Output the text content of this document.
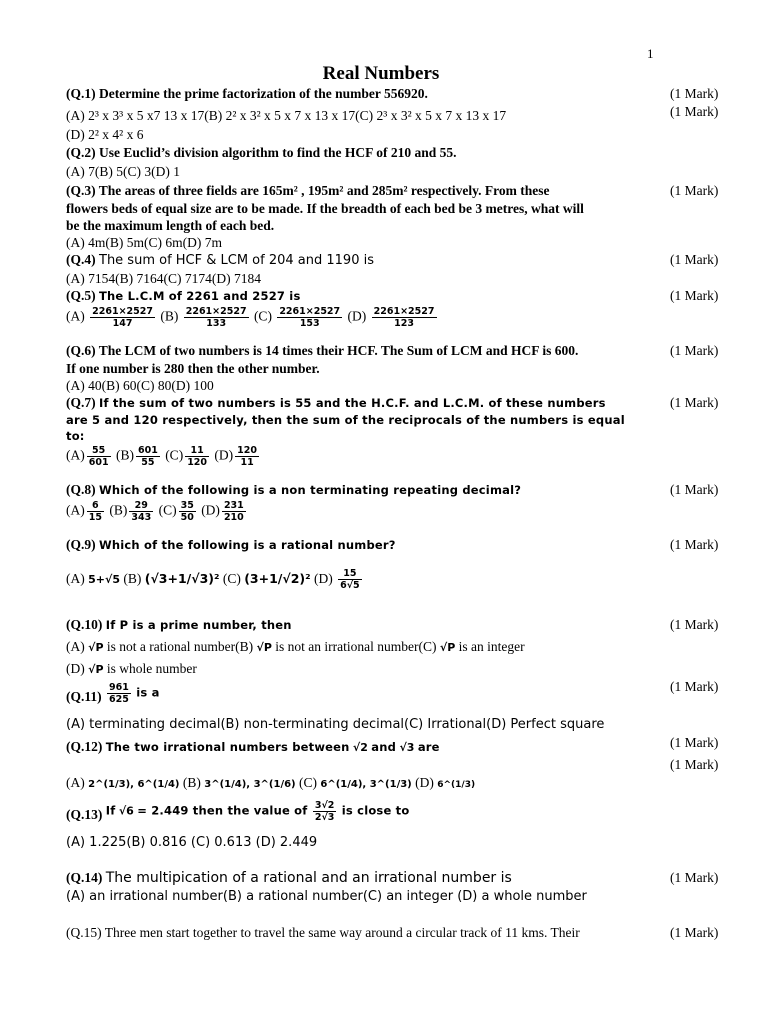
1
Real Numbers
(Q.1) Determine the prime factorization of the number 556920.	(1 Mark)
(A) 2³ x 3³ x 5 x7 13 x 17(B) 2² x 3² x 5 x 7 x 13 x 17(C) 2³ x 3² x 5 x 7 x 13 x 17	(1 Mark)
(D) 2² x 4² x 6
(Q.2) Use Euclid’s division algorithm to find the HCF of 210 and 55.
(A) 7(B) 5(C) 3(D) 1
(Q.3) The areas of three fields are 165m² , 195m² and 285m² respectively. From these	(1 Mark)
flowers beds of equal size are to be made. If the breadth of each bed be 3 metres, what will
be the maximum length of each bed.
(A) 4m(B) 5m(C) 6m(D) 7m
(Q.4) The sum of HCF & LCM of 204 and 1190 is	(1 Mark)
(A) 7154(B) 7164(C) 7174(D) 7184
(Q.5) The L.C.M of 2261 and 2527 is	(1 Mark)
$(A) \frac{2261\times 2527}{147} (B) \frac{2261\times 2527}{133} (C) \frac{2261\times 2527}{153} (D) \frac{2261\times 2527}{123}$
(Q.6) The LCM of two numbers is 14 times their HCF. The Sum of LCM and HCF is 600.	(1 Mark)
If one number is 280 then the other number.
(A) 40(B) 60(C) 80(D) 100
(Q.7) If the sum of two numbers is 55 and the H.C.F. and L.C.M. of these numbers	(1 Mark)
are 5 and 120 respectively, then the sum of the reciprocals of the numbers is equal
to:
$(A) \frac{55}{601} (B) \frac{601}{55} (C) \frac{11}{120} (D) \frac{120}{11}$
(Q.8) Which of the following is a non terminating repeating decimal?	(1 Mark)
$(A) \frac{6}{15} (B) \frac{29}{343} (C) \frac{35}{50} (D) \frac{231}{210}$
(Q.9) Which of the following is a rational number?	(1 Mark)
(A) 5+√5 (B) (√3+1/√3)² (C) (3+1/√2)² $(D) \frac{15}{6√5}$
(Q.10) If P is a prime number, then	(1 Mark)
(A) √P is not a rational number(B) √P is not an irrational number(C) √P is an integer
(D) √P is whole number
$(Q.11) \frac{961}{625}$ is a	(1 Mark)
(A) terminating decimal(B) non-terminating decimal(C) Irrational(D) Perfect square
(Q.12) The two irrational numbers between √2 and √3 are	(1 Mark)
(1 Mark)
(A) 2^(1/3), 6^(1/4) (B) 3^(1/4), 3^(1/6) (C) 6^(1/4), 3^(1/3) (D) 6^(1/3)
(Q.13) If √6 = 2.449 then the value of $\frac{3√2}{2√3}$ is close to
(A) 1.225(B) 0.816 (C) 0.613 (D) 2.449
(Q.14) The multipication of a rational and an irrational number is	(1 Mark)
(A) an irrational number(B) a rational number(C) an integer (D) a whole number
(Q.15) Three men start together to travel the same way around a circular track of 11 kms. Their	(1 Mark)
